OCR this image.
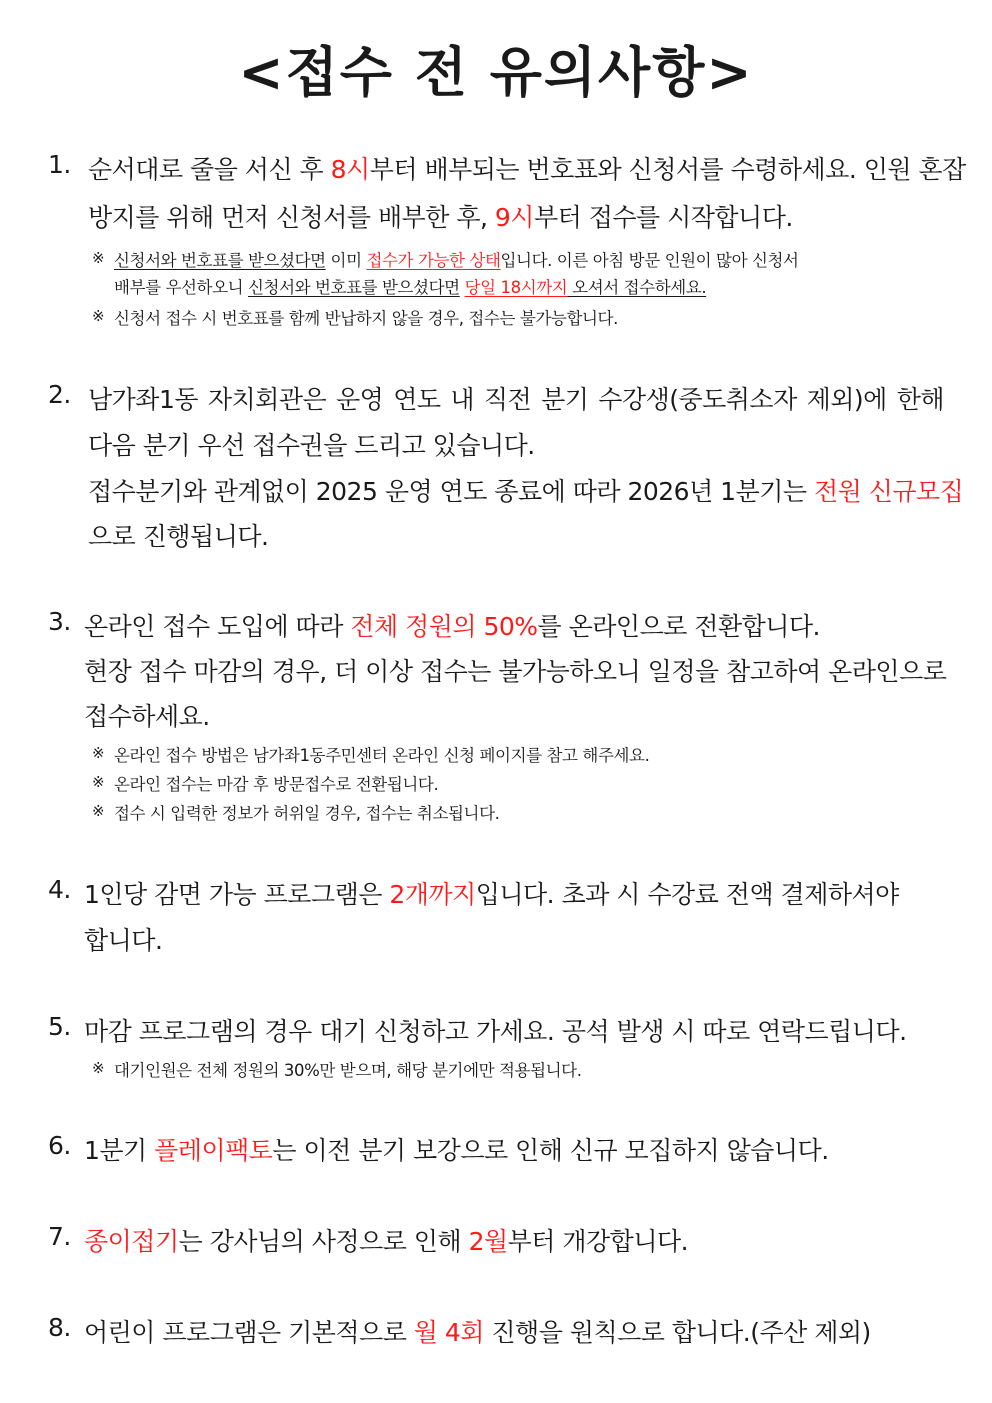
<접수 전 유의사항>
1. 순서대로 줄을 서신 후 8시부터 배부되는 번호표와 신청서를 수령하세요. 인원 혼잡
방지를 위해 먼저 신청서를 배부한 후, 9시부터 접수를 시작합니다.
※ 신청서와 번호표를 받으셨다면 이미 접수가 가능한 상태입니다. 이른 아침 방문 인원이 많아 신청서
배부를 우선하오니 신청서와 번호표를 받으셨다면 당일 18시까지 오셔서 접수하세요.
※ 신청서 접수 시 번호표를 함께 반납하지 않을 경우, 접수는 불가능합니다.
2. 남가좌1동 자치회관은 운영 연도 내 직전 분기 수강생(중도취소자 제외)에 한해
다음 분기 우선 접수권을 드리고 있습니다.
접수분기와 관계없이 2025 운영 연도 종료에 따라 2026년 1분기는 전원 신규모집
으로 진행됩니다.
3. 온라인 접수 도입에 따라 전체 정원의 50%를 온라인으로 전환합니다.
현장 접수 마감의 경우, 더 이상 접수는 불가능하오니 일정을 참고하여 온라인으로
접수하세요.
※ 온라인 접수 방법은 남가좌1동주민센터 온라인 신청 페이지를 참고 해주세요.
※ 온라인 접수는 마감 후 방문접수로 전환됩니다.
※ 접수 시 입력한 정보가 허위일 경우, 접수는 취소됩니다.
4. 1인당 감면 가능 프로그램은 2개까지입니다. 초과 시 수강료 전액 결제하셔야
합니다.
5. 마감 프로그램의 경우 대기 신청하고 가세요. 공석 발생 시 따로 연락드립니다.
※ 대기인원은 전체 정원의 30%만 받으며, 해당 분기에만 적용됩니다.
6. 1분기 플레이팩토는 이전 분기 보강으로 인해 신규 모집하지 않습니다.
7. 종이접기는 강사님의 사정으로 인해 2월부터 개강합니다.
8. 어린이 프로그램은 기본적으로 월 4회 진행을 원칙으로 합니다.(주산 제외)
